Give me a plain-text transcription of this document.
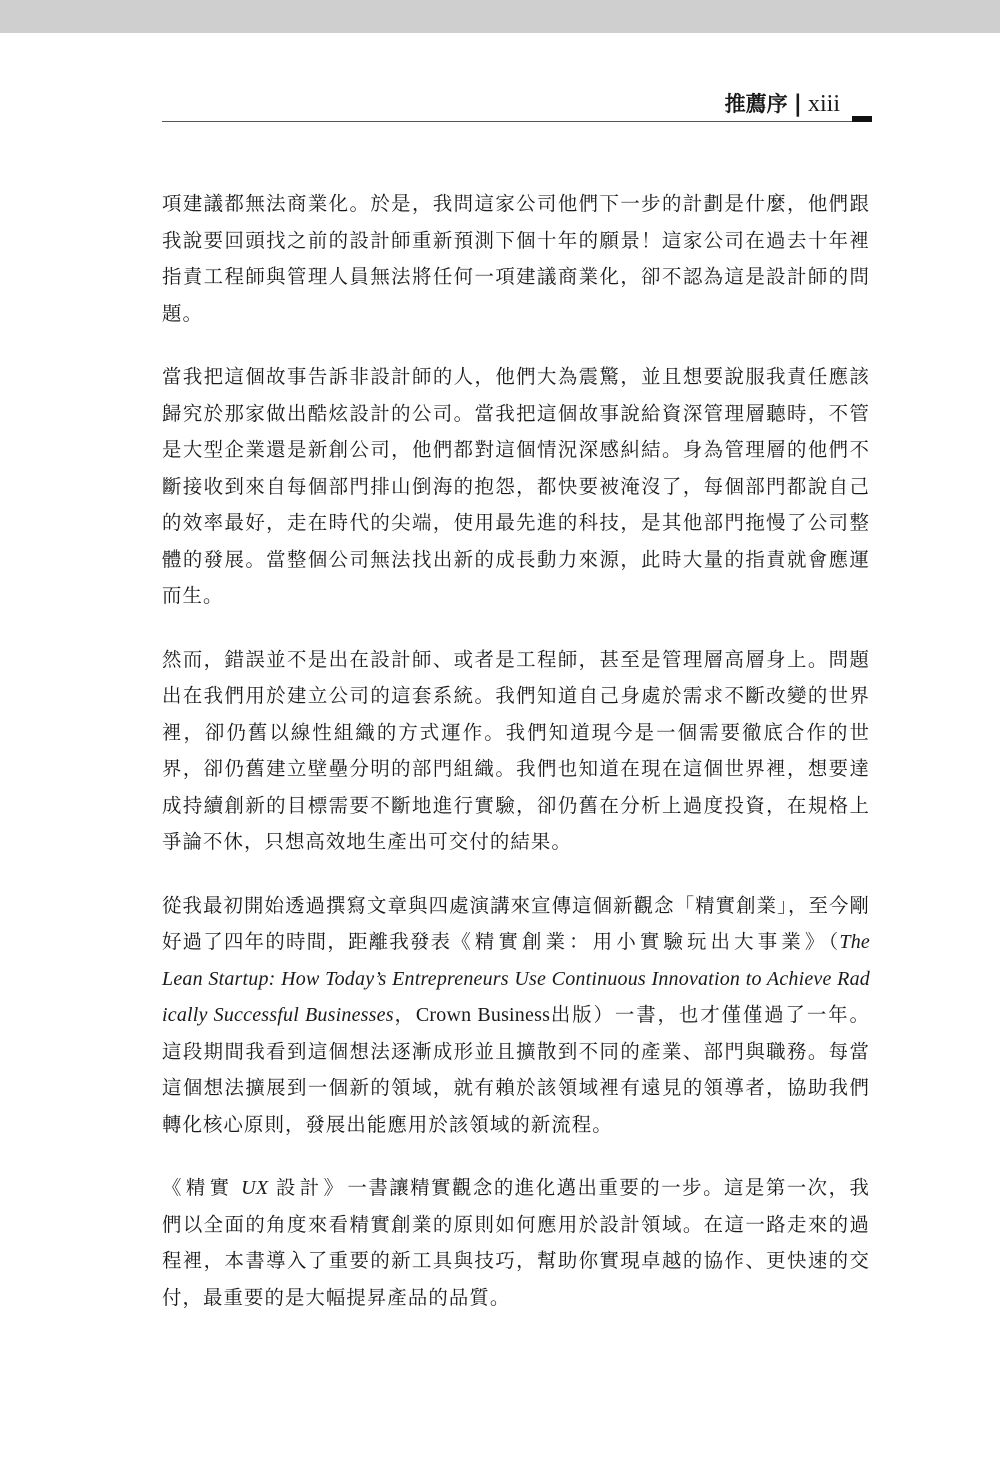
推薦序 | xiii

項建議都無法商業化。於是，我問這家公司他們下一步的計劃是什麼，他們跟我說要回頭找之前的設計師重新預測下個十年的願景！這家公司在過去十年裡指責工程師與管理人員無法將任何一項建議商業化，卻不認為這是設計師的問題。

當我把這個故事告訴非設計師的人，他們大為震驚，並且想要說服我責任應該歸究於那家做出酷炫設計的公司。當我把這個故事說給資深管理層聽時，不管是大型企業還是新創公司，他們都對這個情況深感糾結。身為管理層的他們不斷接收到來自每個部門排山倒海的抱怨，都快要被淹沒了，每個部門都說自己的效率最好，走在時代的尖端，使用最先進的科技，是其他部門拖慢了公司整體的發展。當整個公司無法找出新的成長動力來源，此時大量的指責就會應運而生。

然而，錯誤並不是出在設計師、或者是工程師，甚至是管理層高層身上。問題出在我們用於建立公司的這套系統。我們知道自己身處於需求不斷改變的世界裡，卻仍舊以線性組織的方式運作。我們知道現今是一個需要徹底合作的世界，卻仍舊建立壁壘分明的部門組織。我們也知道在現在這個世界裡，想要達成持續創新的目標需要不斷地進行實驗，卻仍舊在分析上過度投資，在規格上爭論不休，只想高效地生產出可交付的結果。

從我最初開始透過撰寫文章與四處演講來宣傳這個新觀念「精實創業」，至今剛好過了四年的時間，距離我發表《精實創業：用小實驗玩出大事業》（The Lean Startup: How Today’s Entrepreneurs Use Continuous Innovation to Achieve Radically Successful Businesses，Crown Business出版）一書，也才僅僅過了一年。這段期間我看到這個想法逐漸成形並且擴散到不同的產業、部門與職務。每當這個想法擴展到一個新的領域，就有賴於該領域裡有遠見的領導者，協助我們轉化核心原則，發展出能應用於該領域的新流程。

《精實 UX 設計》一書讓精實觀念的進化邁出重要的一步。這是第一次，我們以全面的角度來看精實創業的原則如何應用於設計領域。在這一路走來的過程裡，本書導入了重要的新工具與技巧，幫助你實現卓越的協作、更快速的交付，最重要的是大幅提昇產品的品質。
